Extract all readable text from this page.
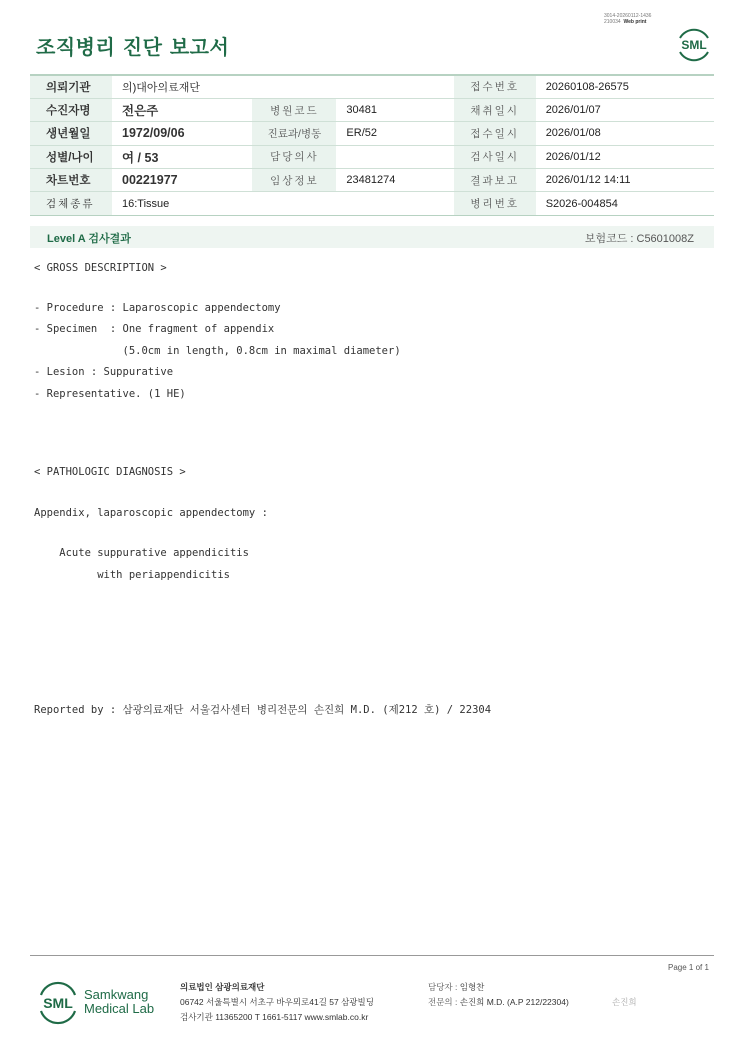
3014-20260112-1436
210034 Web print
조직병리 진단 보고서	SML
의뢰기관	의)대아의료재단			접수번호	20260108-26575
수진자명	전은주	병원코드	30481	채취일시	2026/01/07
생년월일	1972/09/06	진료과/병동	ER/52	접수일시	2026/01/08
성별/나이	여 / 53	담당의사		검사일시	2026/01/12
차트번호	00221977	임상정보	23481274	결과보고	2026/01/12 14:11
검체종류	16:Tissue			병리번호	S2026-004854
Level A 검사결과	보험코드 : C5601008Z
< GROSS DESCRIPTION >
- Procedure : Laparoscopic appendectomy
- Specimen  : One fragment of appendix
(5.0cm in length, 0.8cm in maximal diameter)
- Lesion : Suppurative
- Representative. (1 HE)
< PATHOLOGIC DIAGNOSIS >
Appendix, laparoscopic appendectomy :
Acute suppurative appendicitis
with periappendicitis
Reported by : 삼광의료재단 서울검사센터 병리전문의 손진희 M.D. (제212 호) / 22304
Page 1 of 1
SML
Samkwang
Medical Lab
의료법인 삼광의료재단
06742 서울특별시 서초구 바우뫼로41길 57 삼광빌딩
검사기관 11365200 T 1661-5117 www.smlab.co.kr
담당자 : 임형찬
전문의 : 손진희 M.D. (A.P 212/22304)	손진희
